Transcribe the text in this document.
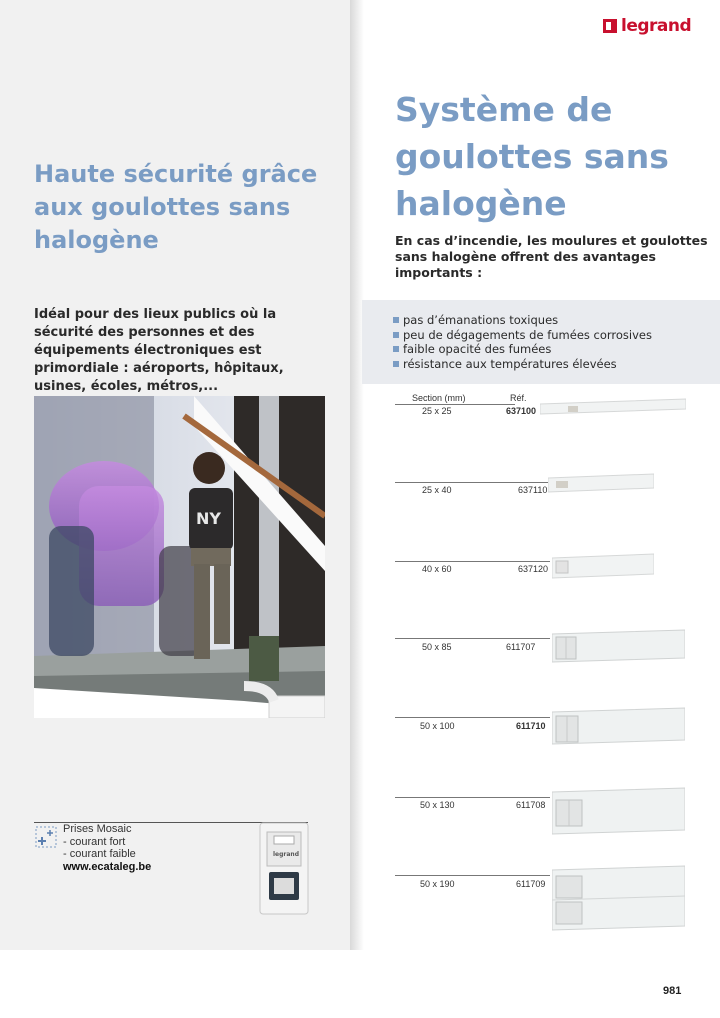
legrand
Haute sécurité grâce aux goulottes sans halogène

Idéal pour des lieux publics où la sécurité des personnes et des équipements électroniques est primordiale : aéroports, hôpitaux, usines, écoles, métros,...

NY
Prises Mosaic
- courant fort
- courant faible
www.ecataleg.be
legrand
Système de goulottes sans halogène

En cas d’incendie, les moulures et goulottes sans halogène offrent des avantages importants :

pas d’émanations toxiques
peu de dégagements de fumées corrosives
faible opacité des fumées
résistance aux températures élevées
Section (mm)	Réf.
25 x 25	637100
25 x 40	637110
40 x 60	637120
50 x 85	611707
50 x 100	611710
50 x 130	611708
50 x 190	611709
981
